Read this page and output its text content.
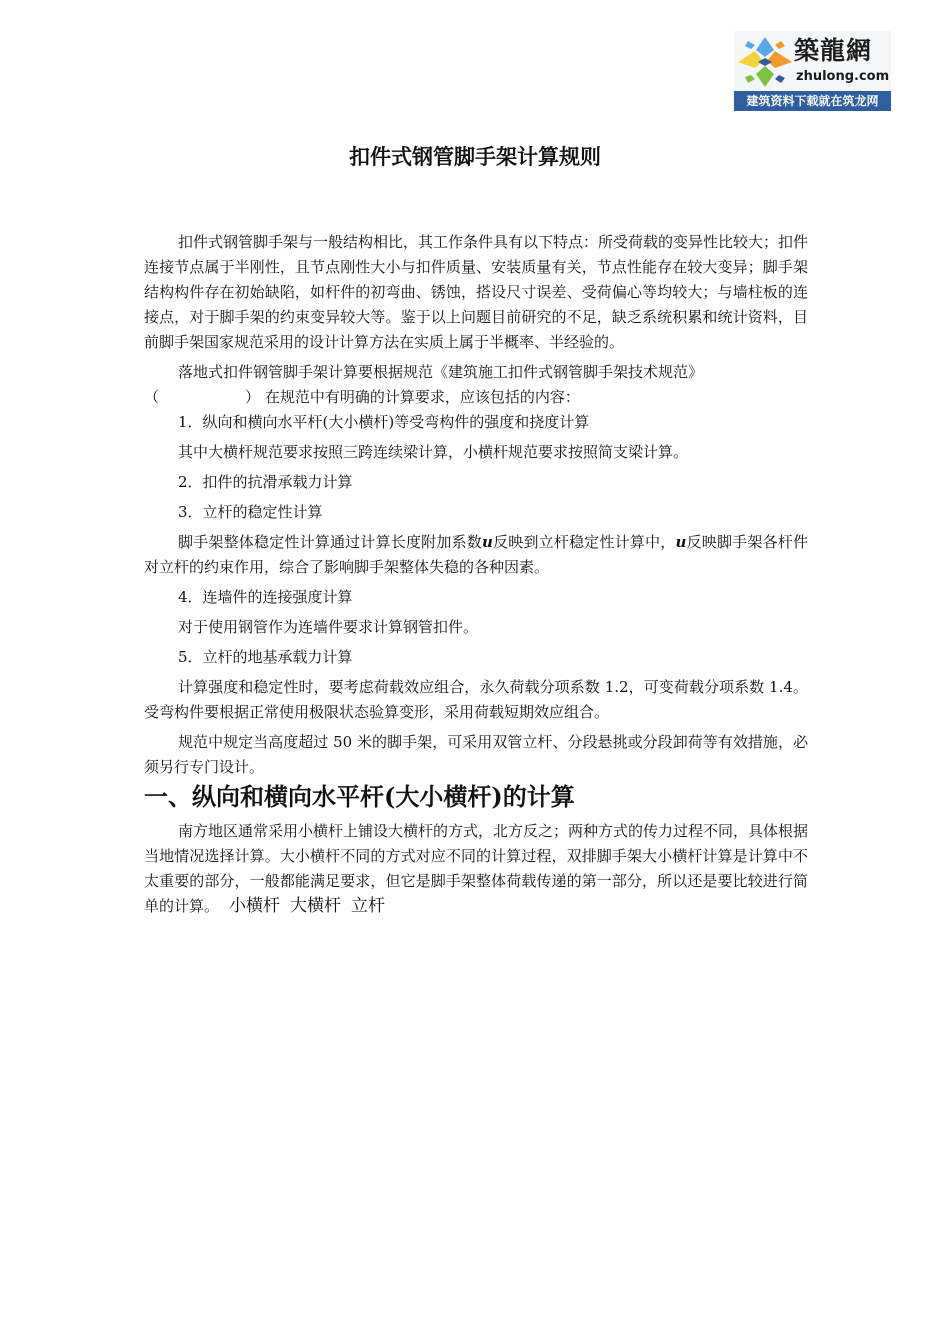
築龍網
zhulong.com
建筑资料下载就在筑龙网
扣件式钢管脚手架计算规则

扣件式钢管脚手架与一般结构相比，其工作条件具有以下特点：所受荷载的变异性比较大；扣件连接节点属于半刚性，且节点刚性大小与扣件质量、安装质量有关，节点性能存在较大变异；脚手架结构构件存在初始缺陷，如杆件的初弯曲、锈蚀，搭设尺寸误差、受荷偏心等均较大；与墙柱板的连接点，对于脚手架的约束变异较大等。鉴于以上问题目前研究的不足，缺乏系统积累和统计资料，目前脚手架国家规范采用的设计计算方法在实质上属于半概率、半经验的。

落地式扣件钢管脚手架计算要根据规范《建筑施工扣件式钢管脚手架技术规范》

（	） 在规范中有明确的计算要求，应该包括的内容：

1．纵向和横向水平杆(大小横杆)等受弯构件的强度和挠度计算

其中大横杆规范要求按照三跨连续梁计算，小横杆规范要求按照简支梁计算。

2．扣件的抗滑承载力计算

3．立杆的稳定性计算

脚手架整体稳定性计算通过计算长度附加系数u反映到立杆稳定性计算中，u反映脚手架各杆件对立杆的约束作用，综合了影响脚手架整体失稳的各种因素。

4．连墙件的连接强度计算

对于使用钢管作为连墙件要求计算钢管扣件。

5．立杆的地基承载力计算

计算强度和稳定性时，要考虑荷载效应组合，永久荷载分项系数 1.2，可变荷载分项系数 1.4。受弯构件要根据正常使用极限状态验算变形，采用荷载短期效应组合。

规范中规定当高度超过 50 米的脚手架，可采用双管立杆、分段悬挑或分段卸荷等有效措施，必须另行专门设计。

一、纵向和横向水平杆(大小横杆)的计算

南方地区通常采用小横杆上铺设大横杆的方式，北方反之；两种方式的传力过程不同，具体根据当地情况选择计算。大小横杆不同的方式对应不同的计算过程，双排脚手架大小横杆计算是计算中不太重要的部分，一般都能满足要求，但它是脚手架整体荷载传递的第一部分，所以还是要比较进行简单的计算。 小横杆 大横杆 立杆
